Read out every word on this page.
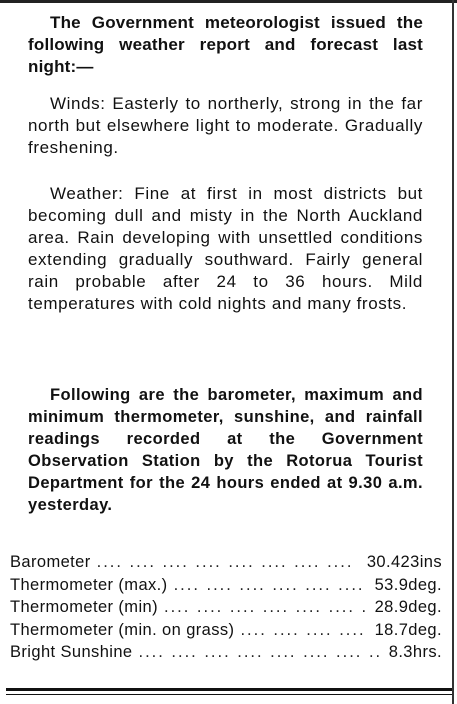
The Government meteorologist issued the following weather report and forecast last night:—
Winds: Easterly to northerly, strong in the far north but elsewhere light to moderate. Gradually freshening.
Weather: Fine at first in most districts but becoming dull and misty in the North Auckland area. Rain developing with unsettled conditions extending gradually southward. Fairly general rain probable after 24 to 36 hours. Mild temperatures with cold nights and many frosts.
Following are the barometer, maximum and minimum thermometer, sunshine, and rainfall readings recorded at the Government Observation Station by the Rotorua Tourist Department for the 24 hours ended at 9.30 a.m. yesterday.
Barometer ....	30.423ins
Thermometer (max.) ....	53.9deg.
Thermometer (min) ....	28.9deg.
Thermometer (min. on grass) ....	18.7deg.
Bright Sunshine ....	8.3hrs.
